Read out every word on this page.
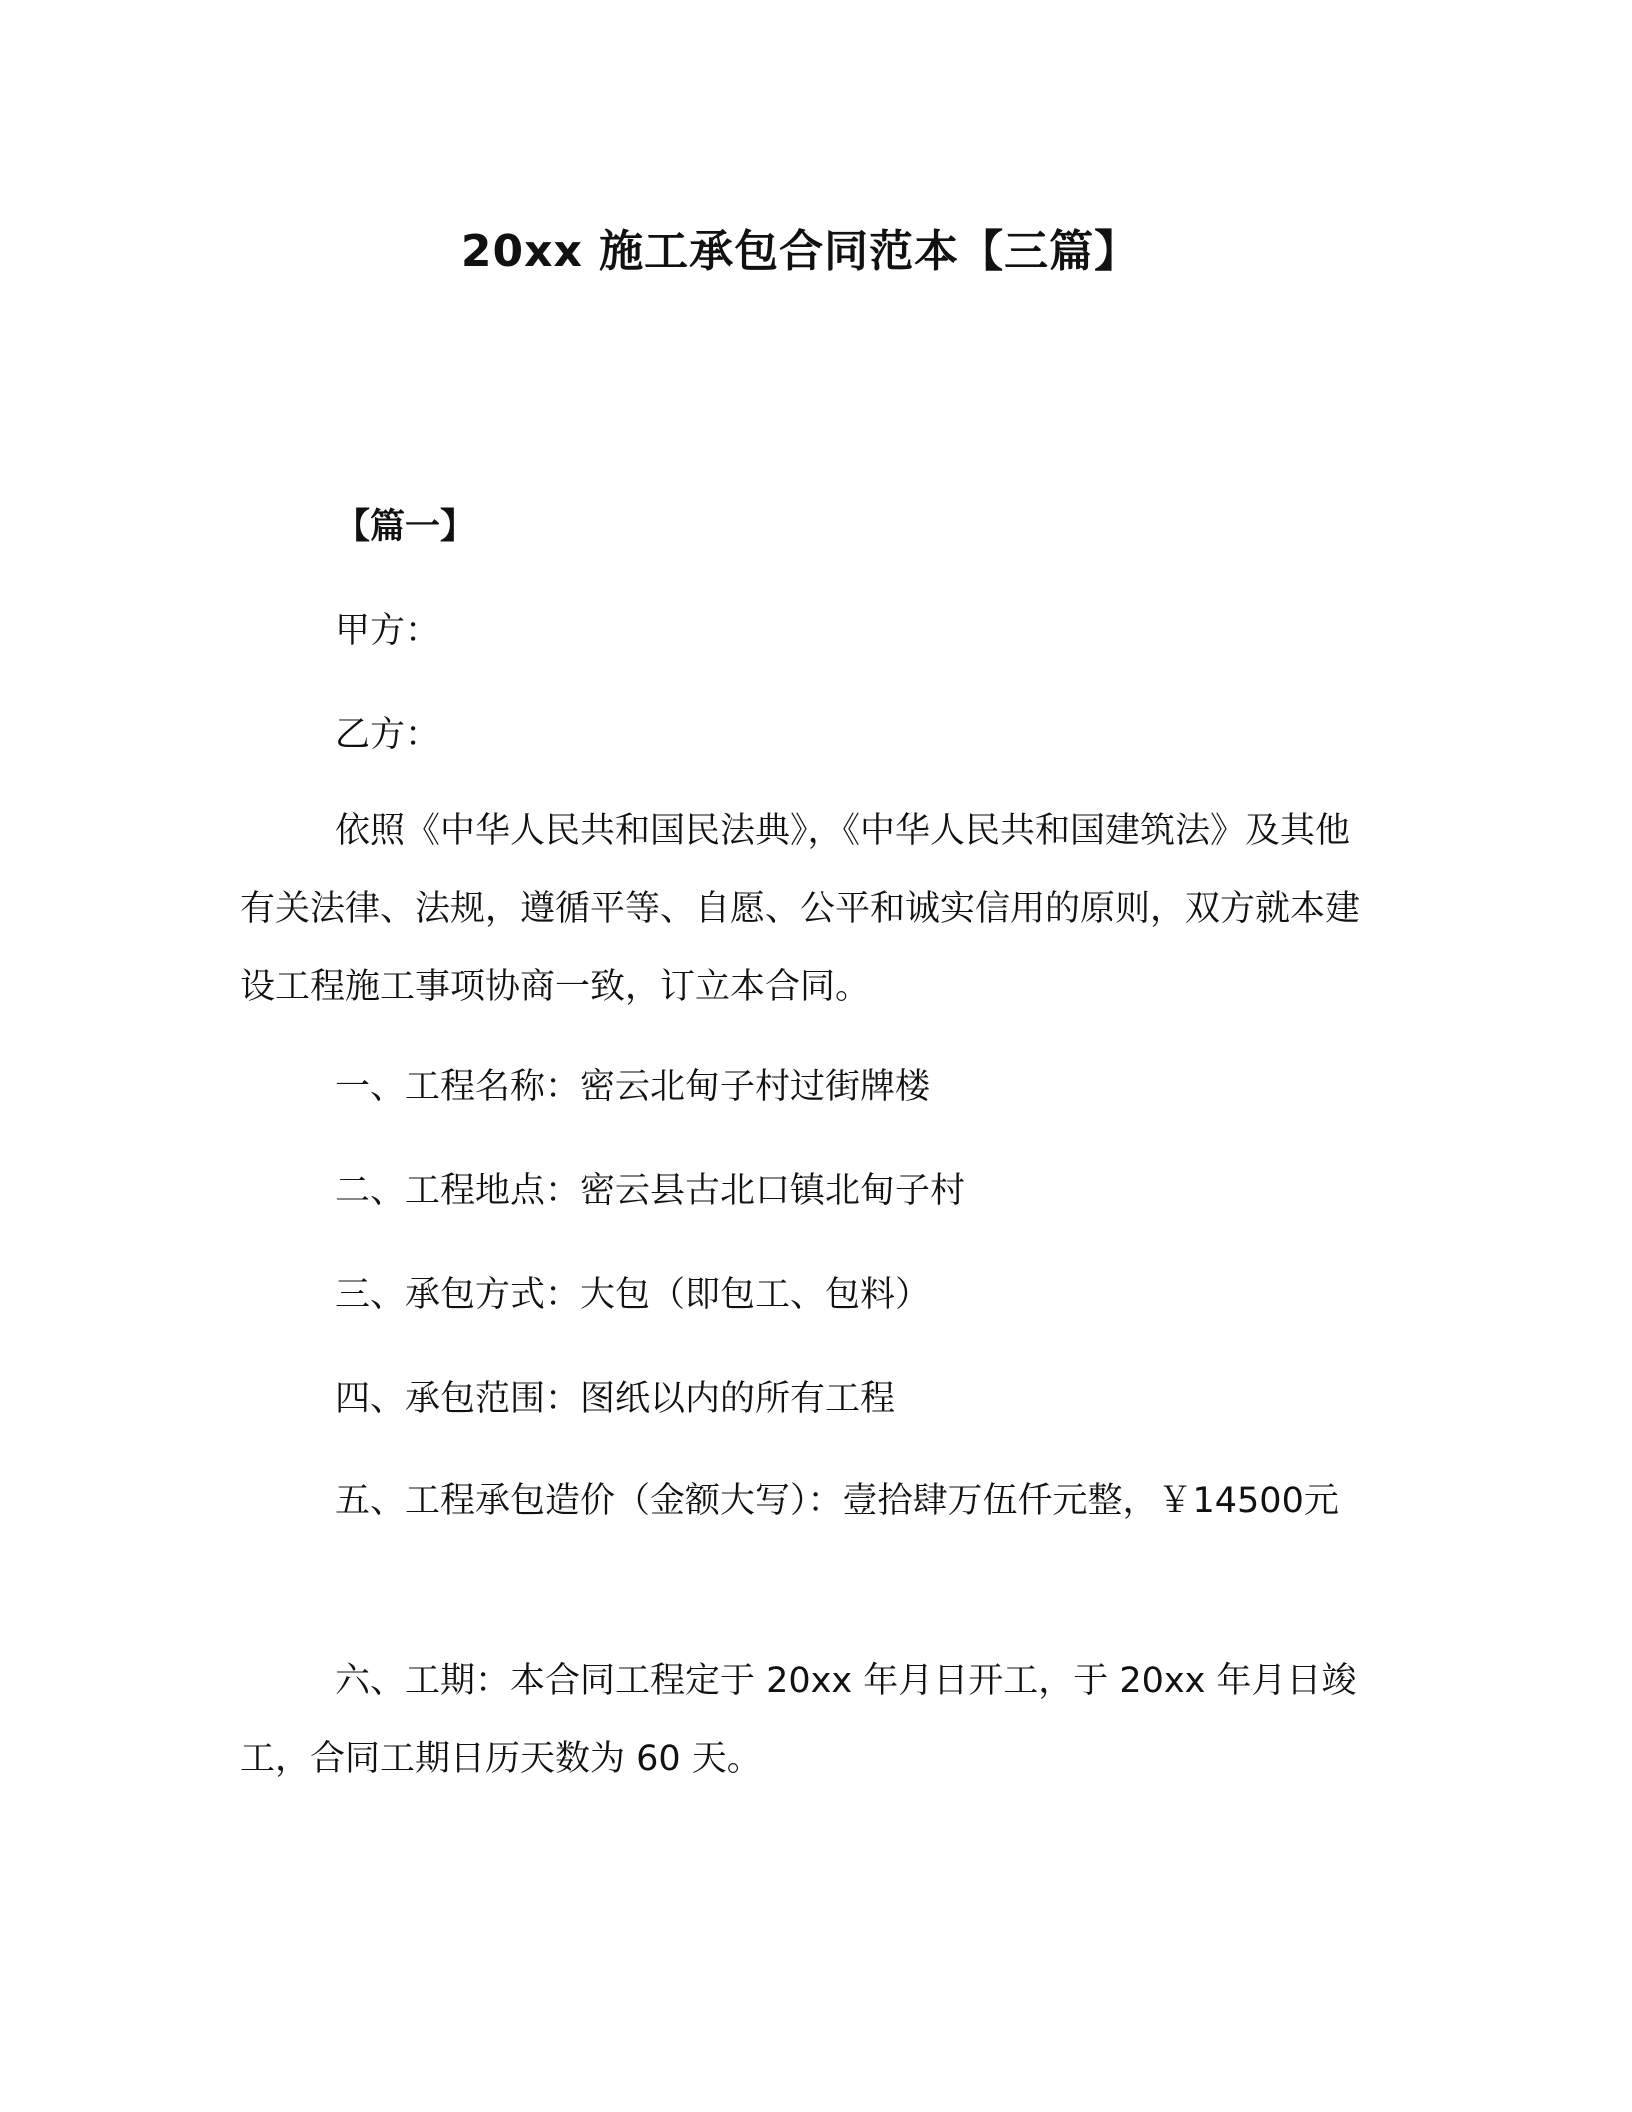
20xx 施工承包合同范本【三篇】

【篇一】

甲方：

乙方：

依照《中华人民共和国民法典》，《中华人民共和国建筑法》及其他有关法律、法规，遵循平等、自愿、公平和诚实信用的原则，双方就本建设工程施工事项协商一致，订立本合同。

一、工程名称：密云北甸子村过街牌楼

二、工程地点：密云县古北口镇北甸子村

三、承包方式：大包（即包工、包料）

四、承包范围：图纸以内的所有工程

五、工程承包造价（金额大写）：壹拾肆万伍仟元整，￥14500元

六、工期：本合同工程定于 20xx 年月日开工，于 20xx 年月日竣工，合同工期日历天数为 60 天。
